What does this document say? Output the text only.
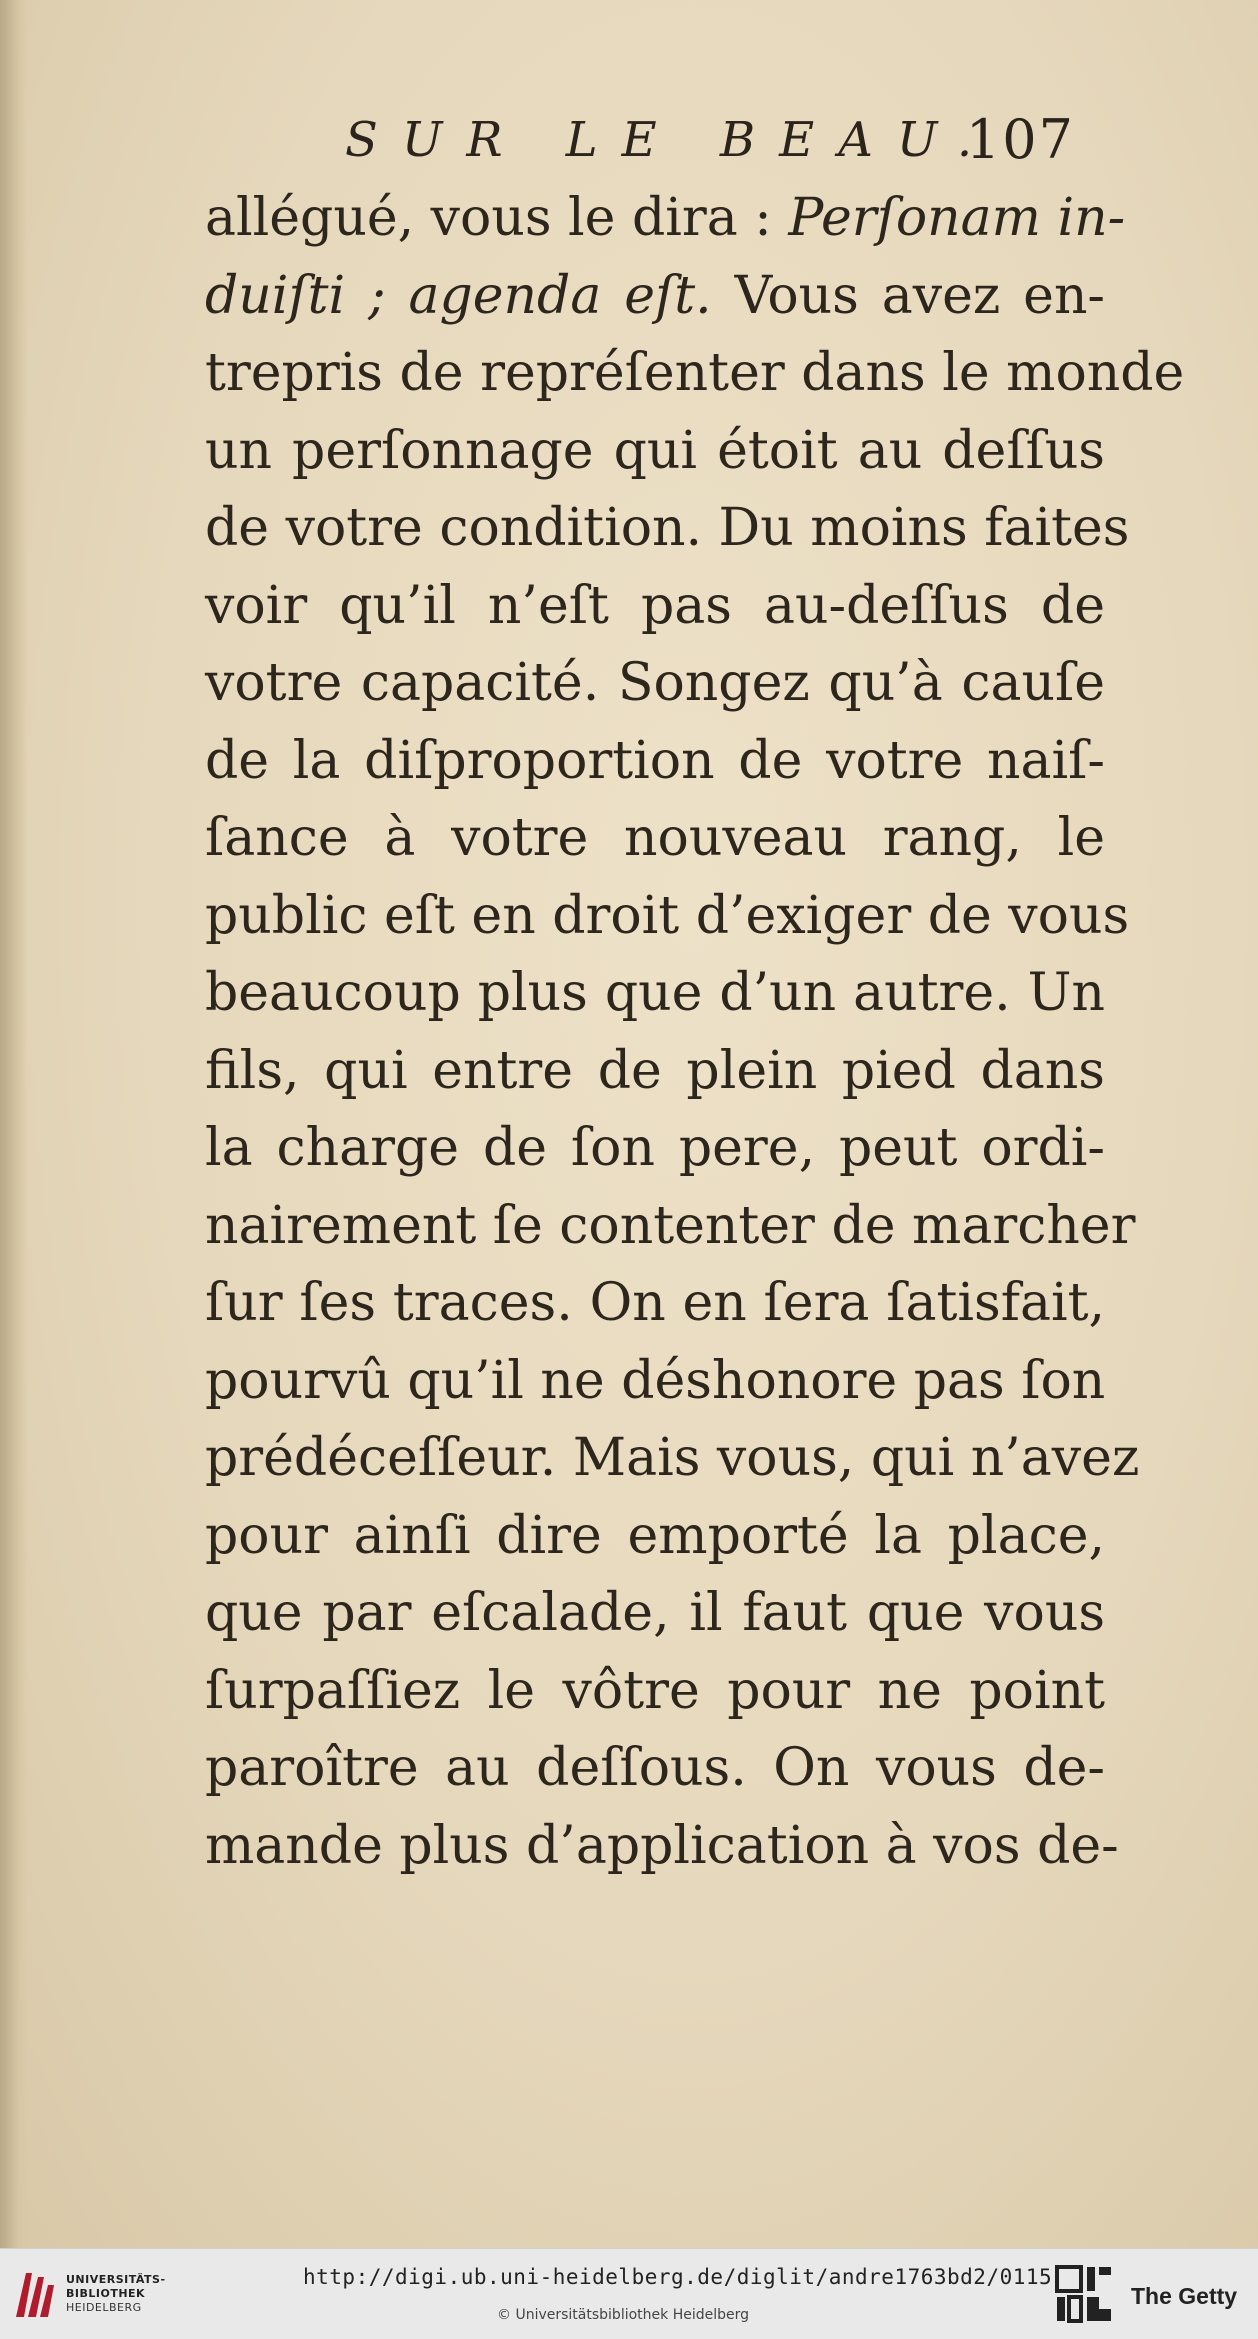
SUR LE BEAU.
107
allégué, vous le dira : Perſonam in-
duiſti ; agenda eſt. Vous avez en-
trepris de repréſenter dans le monde
un perſonnage qui étoit au deſſus
de votre condition. Du moins faites
voir qu’il n’eſt pas au-deſſus de
votre capacité. Songez qu’à cauſe
de la diſproportion de votre naiſ-
ſance à votre nouveau rang, le
public eſt en droit d’exiger de vous
beaucoup plus que d’un autre. Un
fils, qui entre de plein pied dans
la charge de ſon pere, peut ordi-
nairement ſe contenter de marcher
ſur ſes traces. On en ſera ſatisfait,
pourvû qu’il ne déshonore pas ſon
prédéceſſeur. Mais vous, qui n’avez
pour ainſi dire emporté la place,
que par eſcalade, il faut que vous
ſurpaſſiez le vôtre pour ne point
paroître au deſſous. On vous de-
mande plus d’application à vos de-
UNIVERSITÄTS-
BIBLIOTHEK
HEIDELBERG
http://digi.ub.uni-heidelberg.de/diglit/andre1763bd2/0115
© Universitätsbibliothek Heidelberg
The Getty
